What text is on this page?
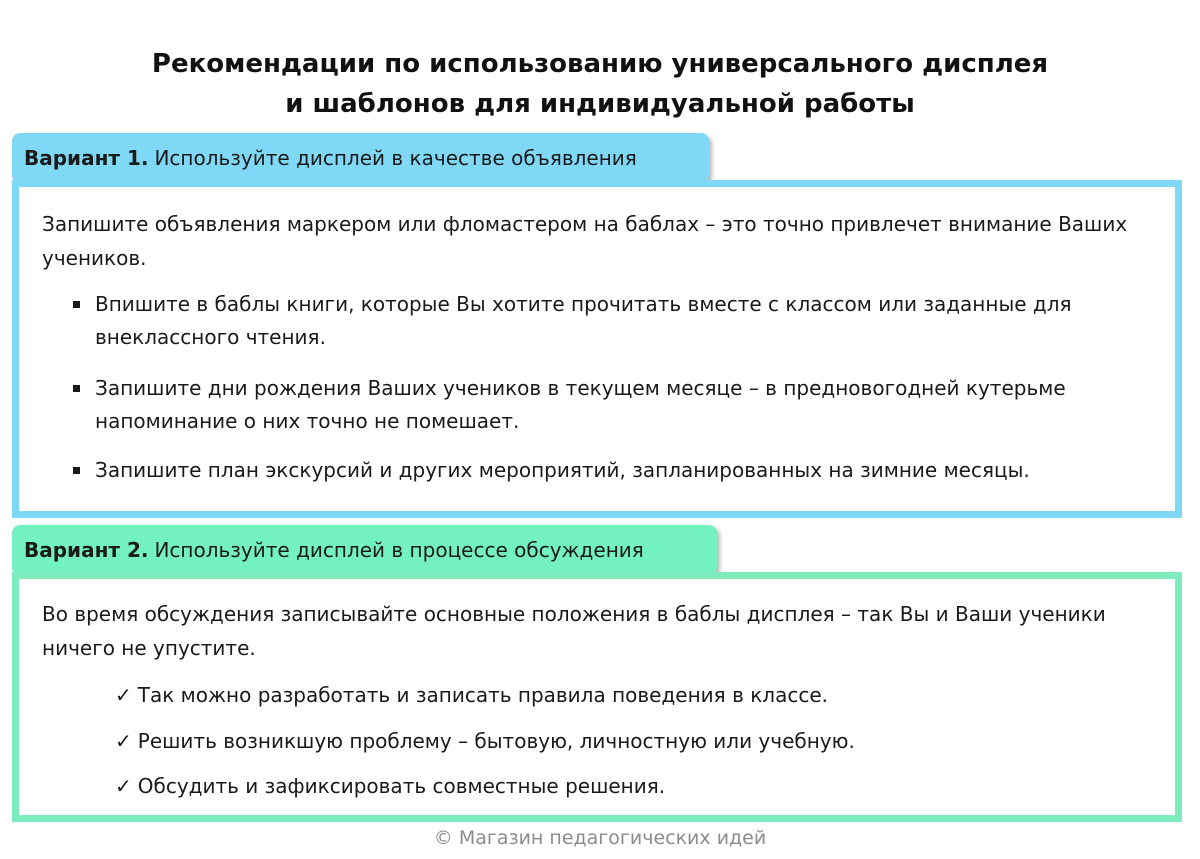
Рекомендации по использованию универсального дисплея
и шаблонов для индивидуальной работы
Вариант 1. Используйте дисплей в качестве объявления

Запишите объявления маркером или фломастером на баблах – это точно привлечет внимание Ваших учеников.

Впишите в баблы книги, которые Вы хотите прочитать вместе с классом или заданные для внеклассного чтения.

Запишите дни рождения Ваших учеников в текущем месяце – в предновогодней кутерьме напоминание о них точно не помешает.

Запишите план экскурсий и других мероприятий, запланированных на зимние месяцы.

Вариант 2. Используйте дисплей в процессе обсуждения

Во время обсуждения записывайте основные положения в баблы дисплея – так Вы и Ваши ученики ничего не упустите.

✓ Так можно разработать и записать правила поведения в классе.

✓ Решить возникшую проблему – бытовую, личностную или учебную.

✓ Обсудить и зафиксировать совместные решения.

© Магазин педагогических идей
